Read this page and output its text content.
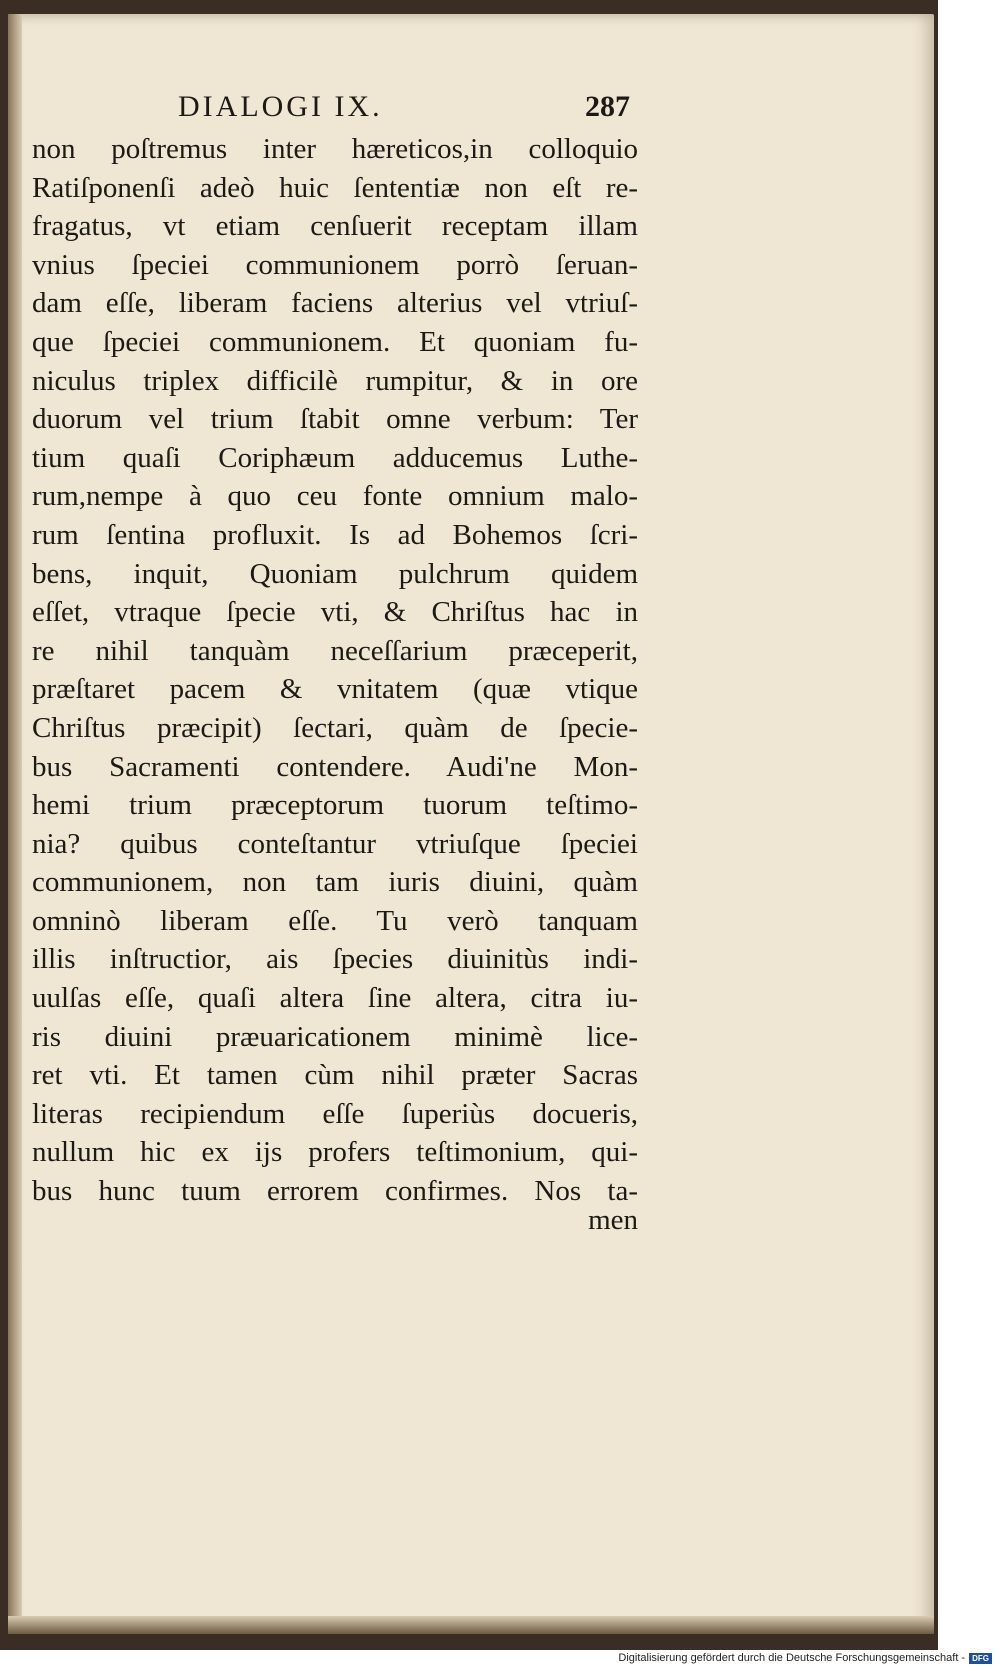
DIALOGI IX.	287
non poſtremus inter hæreticos,in colloquio
Ratiſponenſi adeò huic ſententiæ non eſt re-
fragatus, vt etiam cenſuerit receptam illam
vnius ſpeciei communionem porrò ſeruan-
dam eſſe, liberam faciens alterius vel vtriuſ-
que ſpeciei communionem. Et quoniam fu-
niculus triplex difficilè rumpitur, & in ore
duorum vel trium ſtabit omne verbum: Ter
tium quaſi Coriphæum adducemus Luthe-
rum,nempe à quo ceu fonte omnium malo-
rum ſentina profluxit. Is ad Bohemos ſcri-
bens, inquit, Quoniam pulchrum quidem
eſſet, vtraque ſpecie vti, & Chriſtus hac in
re nihil tanquàm neceſſarium præceperit,
præſtaret pacem & vnitatem (quæ vtique
Chriſtus præcipit) ſectari, quàm de ſpecie-
bus Sacramenti contendere. Audi'ne Mon-
hemi trium præceptorum tuorum teſtimo-
nia? quibus conteſtantur vtriuſque ſpeciei
communionem, non tam iuris diuini, quàm
omninò liberam eſſe. Tu verò tanquam
illis inſtructior, ais ſpecies diuinitùs indi-
uulſas eſſe, quaſi altera ſine altera, citra iu-
ris diuini præuaricationem minimè lice-
ret vti. Et tamen cùm nihil præter Sacras
literas recipiendum eſſe ſuperiùs docueris,
nullum hic ex ijs profers teſtimonium, qui-
bus hunc tuum errorem confirmes. Nos ta-
men
Digitalisierung gefördert durch die Deutsche Forschungsgemeinschaft - DFG
